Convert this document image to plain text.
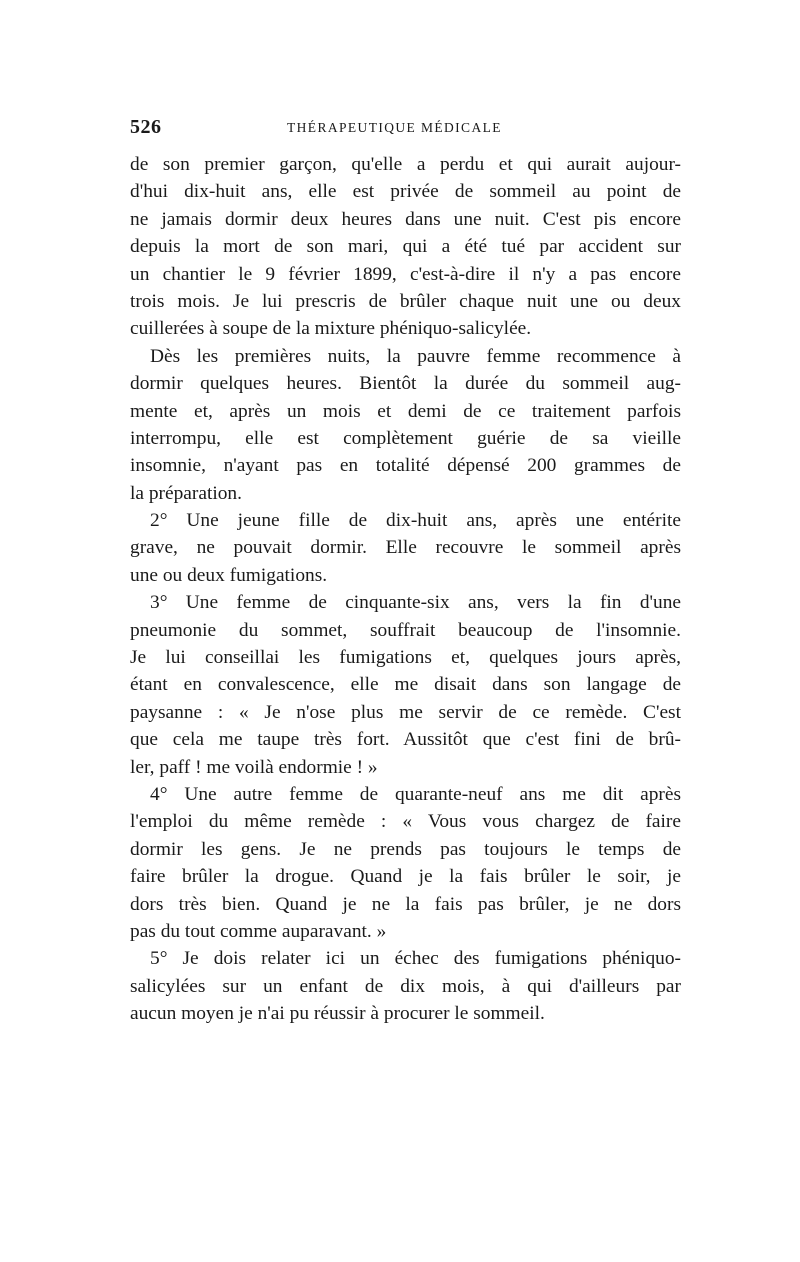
526	THÉRAPEUTIQUE MÉDICALE
de son premier garçon, qu'elle a perdu et qui aurait aujour-
d'hui dix-huit ans, elle est privée de sommeil au point de
ne jamais dormir deux heures dans une nuit. C'est pis encore
depuis la mort de son mari, qui a été tué par accident sur
un chantier le 9 février 1899, c'est-à-dire il n'y a pas encore
trois mois. Je lui prescris de brûler chaque nuit une ou deux
cuillerées à soupe de la mixture phéniquo-salicylée.
Dès les premières nuits, la pauvre femme recommence à
dormir quelques heures. Bientôt la durée du sommeil aug-
mente et, après un mois et demi de ce traitement parfois
interrompu, elle est complètement guérie de sa vieille
insomnie, n'ayant pas en totalité dépensé 200 grammes de
la préparation.
2° Une jeune fille de dix-huit ans, après une entérite
grave, ne pouvait dormir. Elle recouvre le sommeil après
une ou deux fumigations.
3° Une femme de cinquante-six ans, vers la fin d'une
pneumonie du sommet, souffrait beaucoup de l'insomnie.
Je lui conseillai les fumigations et, quelques jours après,
étant en convalescence, elle me disait dans son langage de
paysanne : « Je n'ose plus me servir de ce remède. C'est
que cela me taupe très fort. Aussitôt que c'est fini de brû-
ler, paff ! me voilà endormie ! »
4° Une autre femme de quarante-neuf ans me dit après
l'emploi du même remède : « Vous vous chargez de faire
dormir les gens. Je ne prends pas toujours le temps de
faire brûler la drogue. Quand je la fais brûler le soir, je
dors très bien. Quand je ne la fais pas brûler, je ne dors
pas du tout comme auparavant. »
5° Je dois relater ici un échec des fumigations phéniquo-
salicylées sur un enfant de dix mois, à qui d'ailleurs par
aucun moyen je n'ai pu réussir à procurer le sommeil.
